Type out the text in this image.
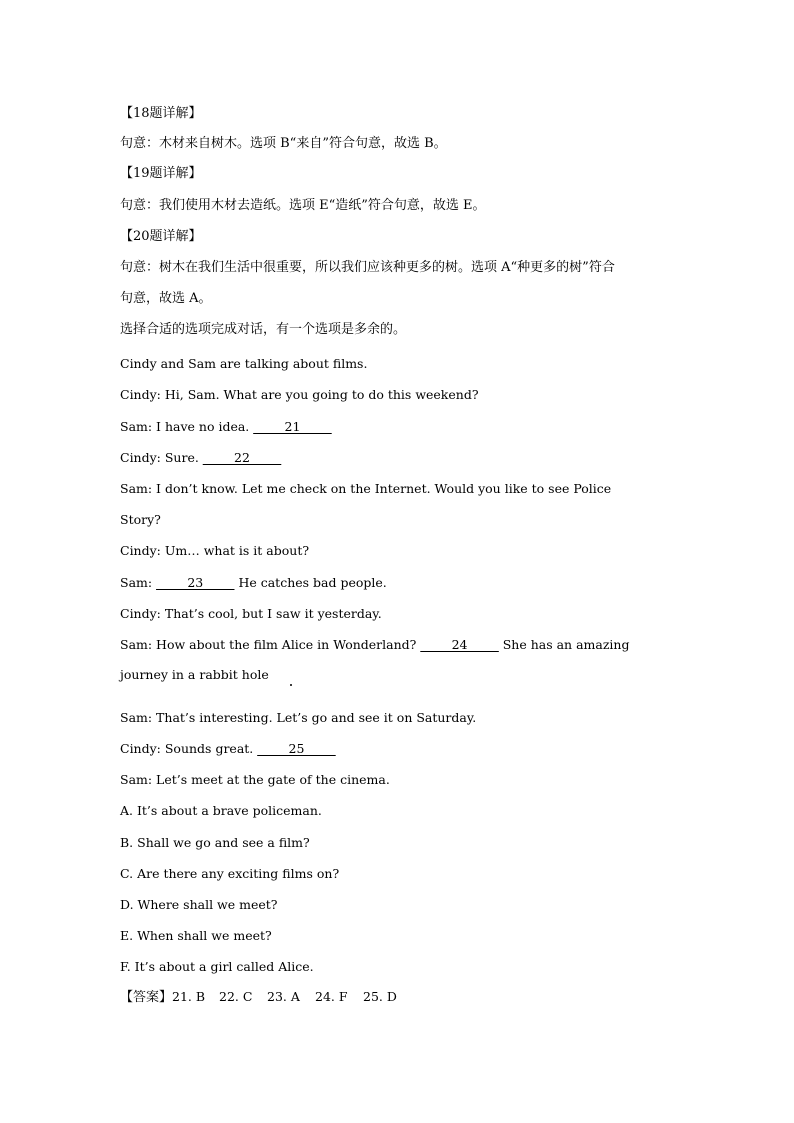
【18题详解】
句意：木材来自树木。选项 B“来自”符合句意，故选 B。
【19题详解】
句意：我们使用木材去造纸。选项 E“造纸”符合句意，故选 E。
【20题详解】
句意：树木在我们生活中很重要，所以我们应该种更多的树。选项 A“种更多的树”符合
句意，故选 A。
选择合适的选项完成对话，有一个选项是多余的。
Cindy and Sam are talking about films.
Cindy: Hi, Sam. What are you going to do this weekend?
Sam: I have no idea. _____21_____
Cindy: Sure. _____22_____
Sam: I don’t know. Let me check on the Internet. Would you like to see Police
Story?
Cindy: Um… what is it about?
Sam: _____23_____ He catches bad people.
Cindy: That’s cool, but I saw it yesterday.
Sam: How about the film Alice in Wonderland? _____24_____ She has an amazing
journey in a rabbit hole
Sam: That’s interesting. Let’s go and see it on Saturday.
Cindy: Sounds great. _____25_____
Sam: Let’s meet at the gate of the cinema.
A. It’s about a brave policeman.
B. Shall we go and see a film?
C. Are there any exciting films on?
D. Where shall we meet?
E. When shall we meet?
F. It’s about a girl called Alice.
【答案】21. B 22. C 23. A 24. F 25. D
